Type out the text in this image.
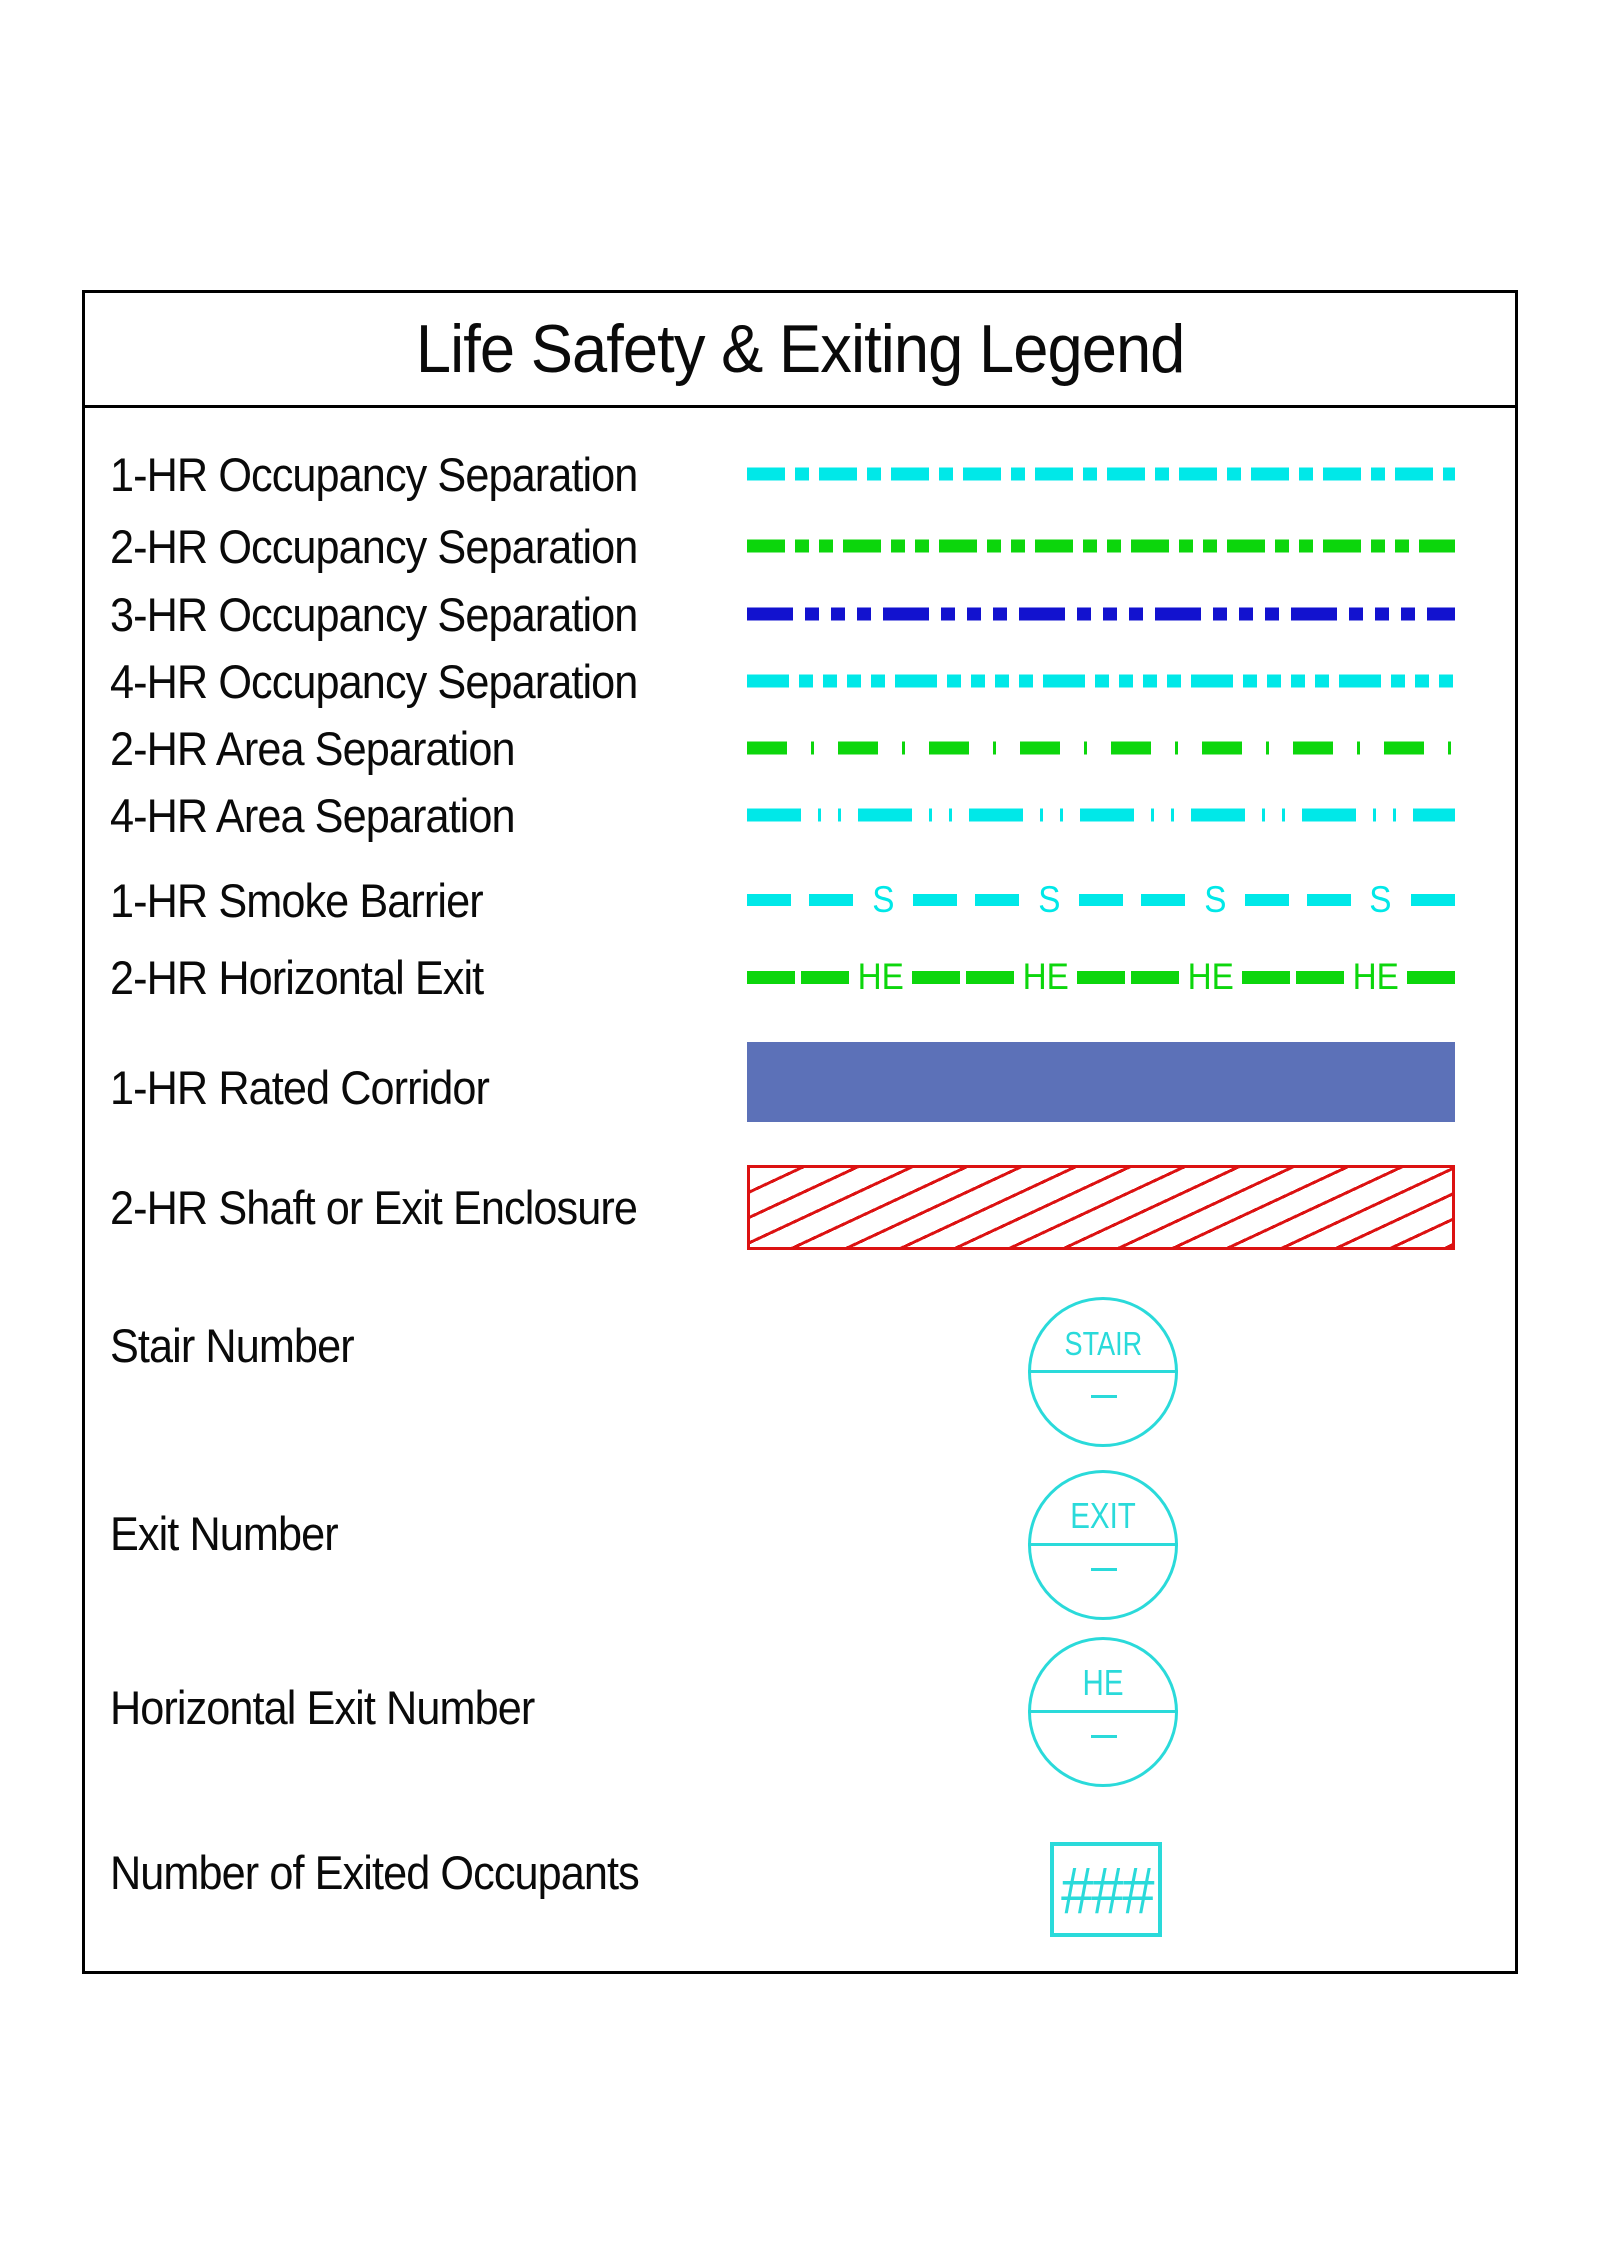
Life Safety & Exiting Legend
1-HR Occupancy Separation
2-HR Occupancy Separation
3-HR Occupancy Separation
4-HR Occupancy Separation
2-HR Area Separation
4-HR Area Separation
1-HR Smoke Barrier	S	S	S	S
2-HR Horizontal Exit	HE	HE	HE	HE
1-HR Rated Corridor
2-HR Shaft or Exit Enclosure
Stair Number	STAIR
Exit Number	EXIT
Horizontal Exit Number	HE
Number of Exited Occupants	###
